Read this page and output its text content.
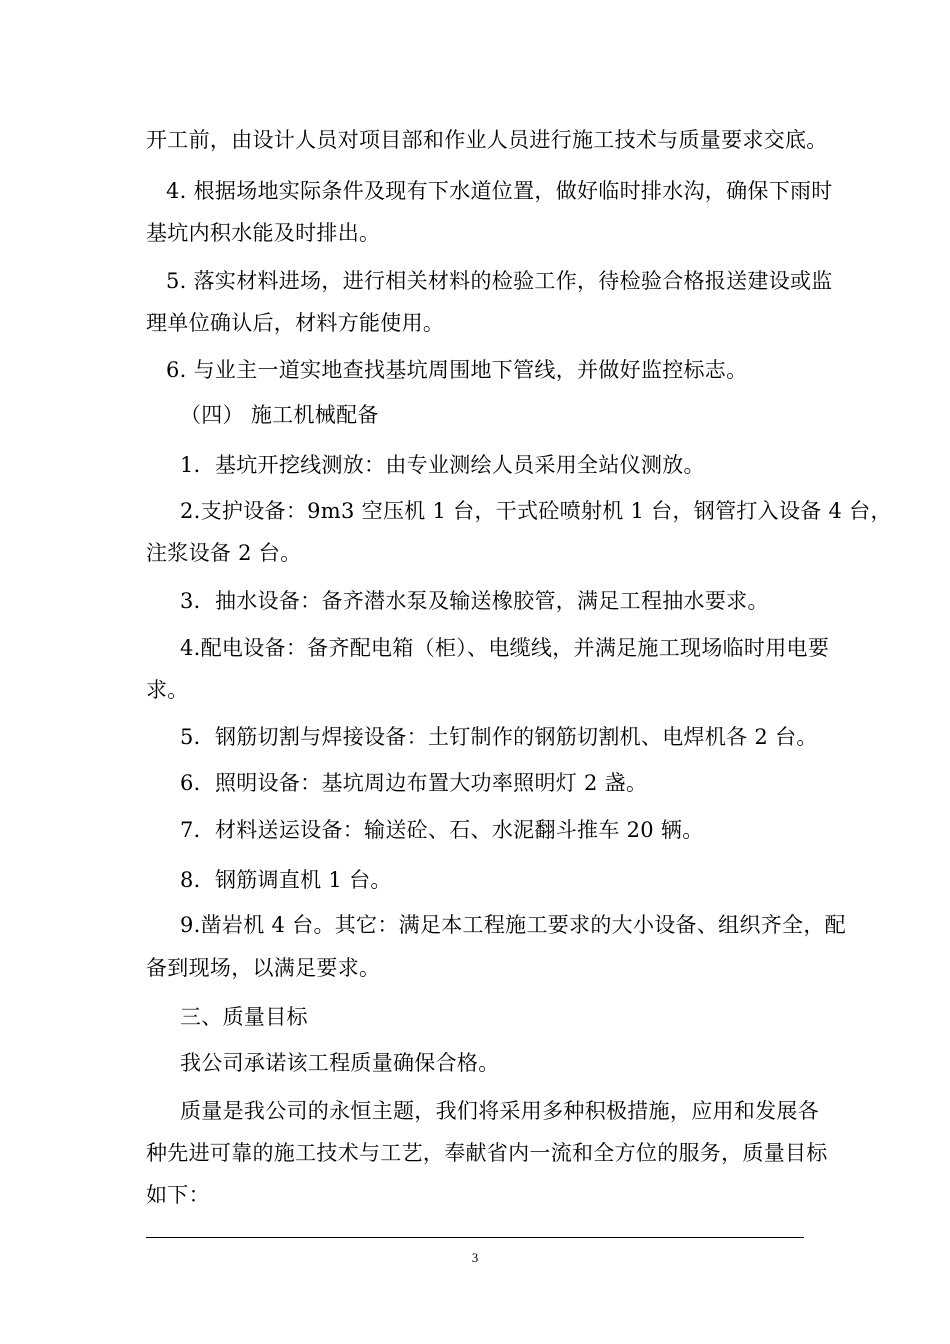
开工前，由设计人员对项目部和作业人员进行施工技术与质量要求交底。
4. 根据场地实际条件及现有下水道位置，做好临时排水沟，确保下雨时
基坑内积水能及时排出。
5. 落实材料进场，进行相关材料的检验工作，待检验合格报送建设或监
理单位确认后，材料方能使用。
6. 与业主一道实地查找基坑周围地下管线，并做好监控标志。
（四） 施工机械配备
1．基坑开挖线测放：由专业测绘人员采用全站仪测放。
2.支护设备：9m3 空压机 1 台，干式砼喷射机 1 台，钢管打入设备 4 台，
注浆设备 2 台。
3．抽水设备：备齐潜水泵及输送橡胶管，满足工程抽水要求。
4.配电设备：备齐配电箱（柜）、电缆线，并满足施工现场临时用电要
求。
5．钢筋切割与焊接设备：土钉制作的钢筋切割机、电焊机各 2 台。
6．照明设备：基坑周边布置大功率照明灯 2 盏。
7．材料送运设备：输送砼、石、水泥翻斗推车 20 辆。
8．钢筋调直机 1 台。
9.凿岩机 4 台。其它：满足本工程施工要求的大小设备、组织齐全，配
备到现场，以满足要求。
三、质量目标
我公司承诺该工程质量确保合格。
质量是我公司的永恒主题，我们将采用多种积极措施，应用和发展各
种先进可靠的施工技术与工艺，奉献省内一流和全方位的服务，质量目标
如下：
3
